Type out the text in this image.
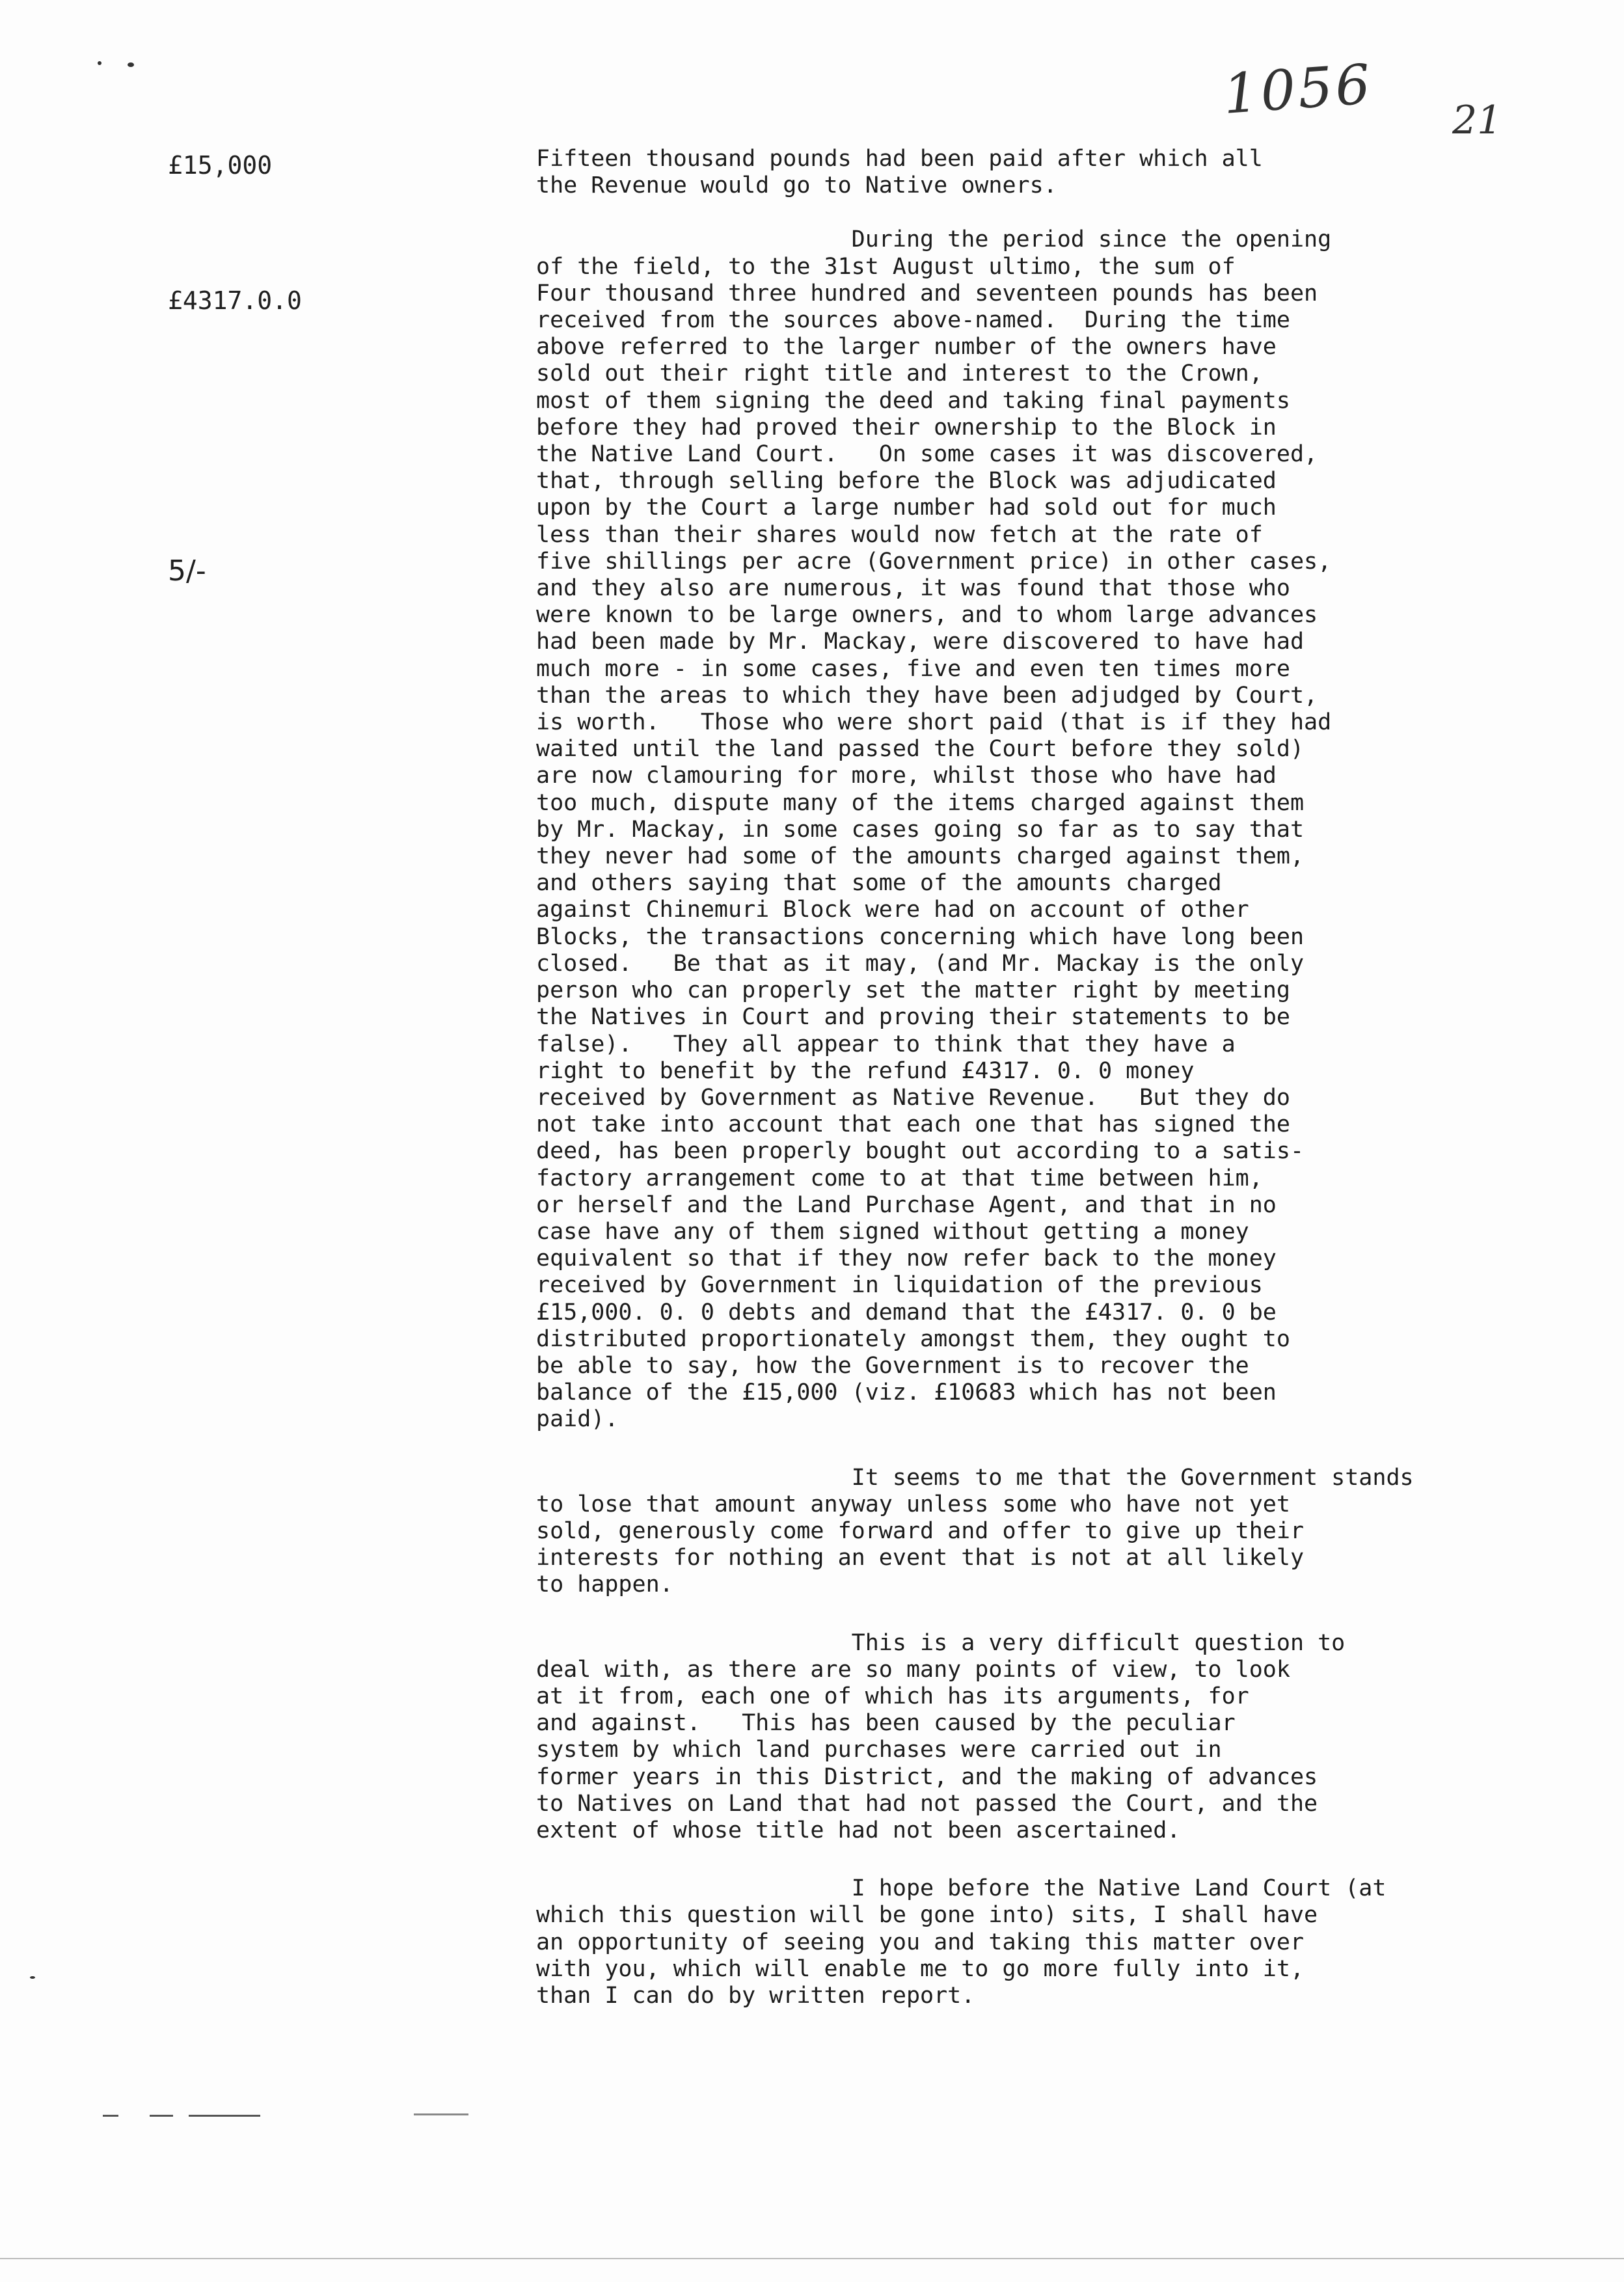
1056 21
£15,000
£4317.0.0
5/-

Fifteen thousand pounds had been paid after which all
the Revenue would go to Native owners.

During the period since the opening
of the field, to the 31st August ultimo, the sum of
Four thousand three hundred and seventeen pounds has been
received from the sources above-named.  During the time
above referred to the larger number of the owners have
sold out their right title and interest to the Crown,
most of them signing the deed and taking final payments
before they had proved their ownership to the Block in
the Native Land Court.   On some cases it was discovered,
that, through selling before the Block was adjudicated
upon by the Court a large number had sold out for much
less than their shares would now fetch at the rate of
five shillings per acre (Government price) in other cases,
and they also are numerous, it was found that those who
were known to be large owners, and to whom large advances
had been made by Mr. Mackay, were discovered to have had
much more - in some cases, five and even ten times more
than the areas to which they have been adjudged by Court,
is worth.   Those who were short paid (that is if they had
waited until the land passed the Court before they sold)
are now clamouring for more, whilst those who have had
too much, dispute many of the items charged against them
by Mr. Mackay, in some cases going so far as to say that
they never had some of the amounts charged against them,
and others saying that some of the amounts charged
against Chinemuri Block were had on account of other
Blocks, the transactions concerning which have long been
closed.   Be that as it may, (and Mr. Mackay is the only
person who can properly set the matter right by meeting
the Natives in Court and proving their statements to be
false).   They all appear to think that they have a
right to benefit by the refund £4317. 0. 0 money
received by Government as Native Revenue.   But they do
not take into account that each one that has signed the
deed, has been properly bought out according to a satis-
factory arrangement come to at that time between him,
or herself and the Land Purchase Agent, and that in no
case have any of them signed without getting a money
equivalent so that if they now refer back to the money
received by Government in liquidation of the previous
£15,000. 0. 0 debts and demand that the £4317. 0. 0 be
distributed proportionately amongst them, they ought to
be able to say, how the Government is to recover the
balance of the £15,000 (viz. £10683 which has not been
paid).

It seems to me that the Government stands
to lose that amount anyway unless some who have not yet
sold, generously come forward and offer to give up their
interests for nothing an event that is not at all likely
to happen.

This is a very difficult question to
deal with, as there are so many points of view, to look
at it from, each one of which has its arguments, for
and against.   This has been caused by the peculiar
system by which land purchases were carried out in
former years in this District, and the making of advances
to Natives on Land that had not passed the Court, and the
extent of whose title had not been ascertained.

I hope before the Native Land Court (at
which this question will be gone into) sits, I shall have
an opportunity of seeing you and taking this matter over
with you, which will enable me to go more fully into it,
than I can do by written report.
